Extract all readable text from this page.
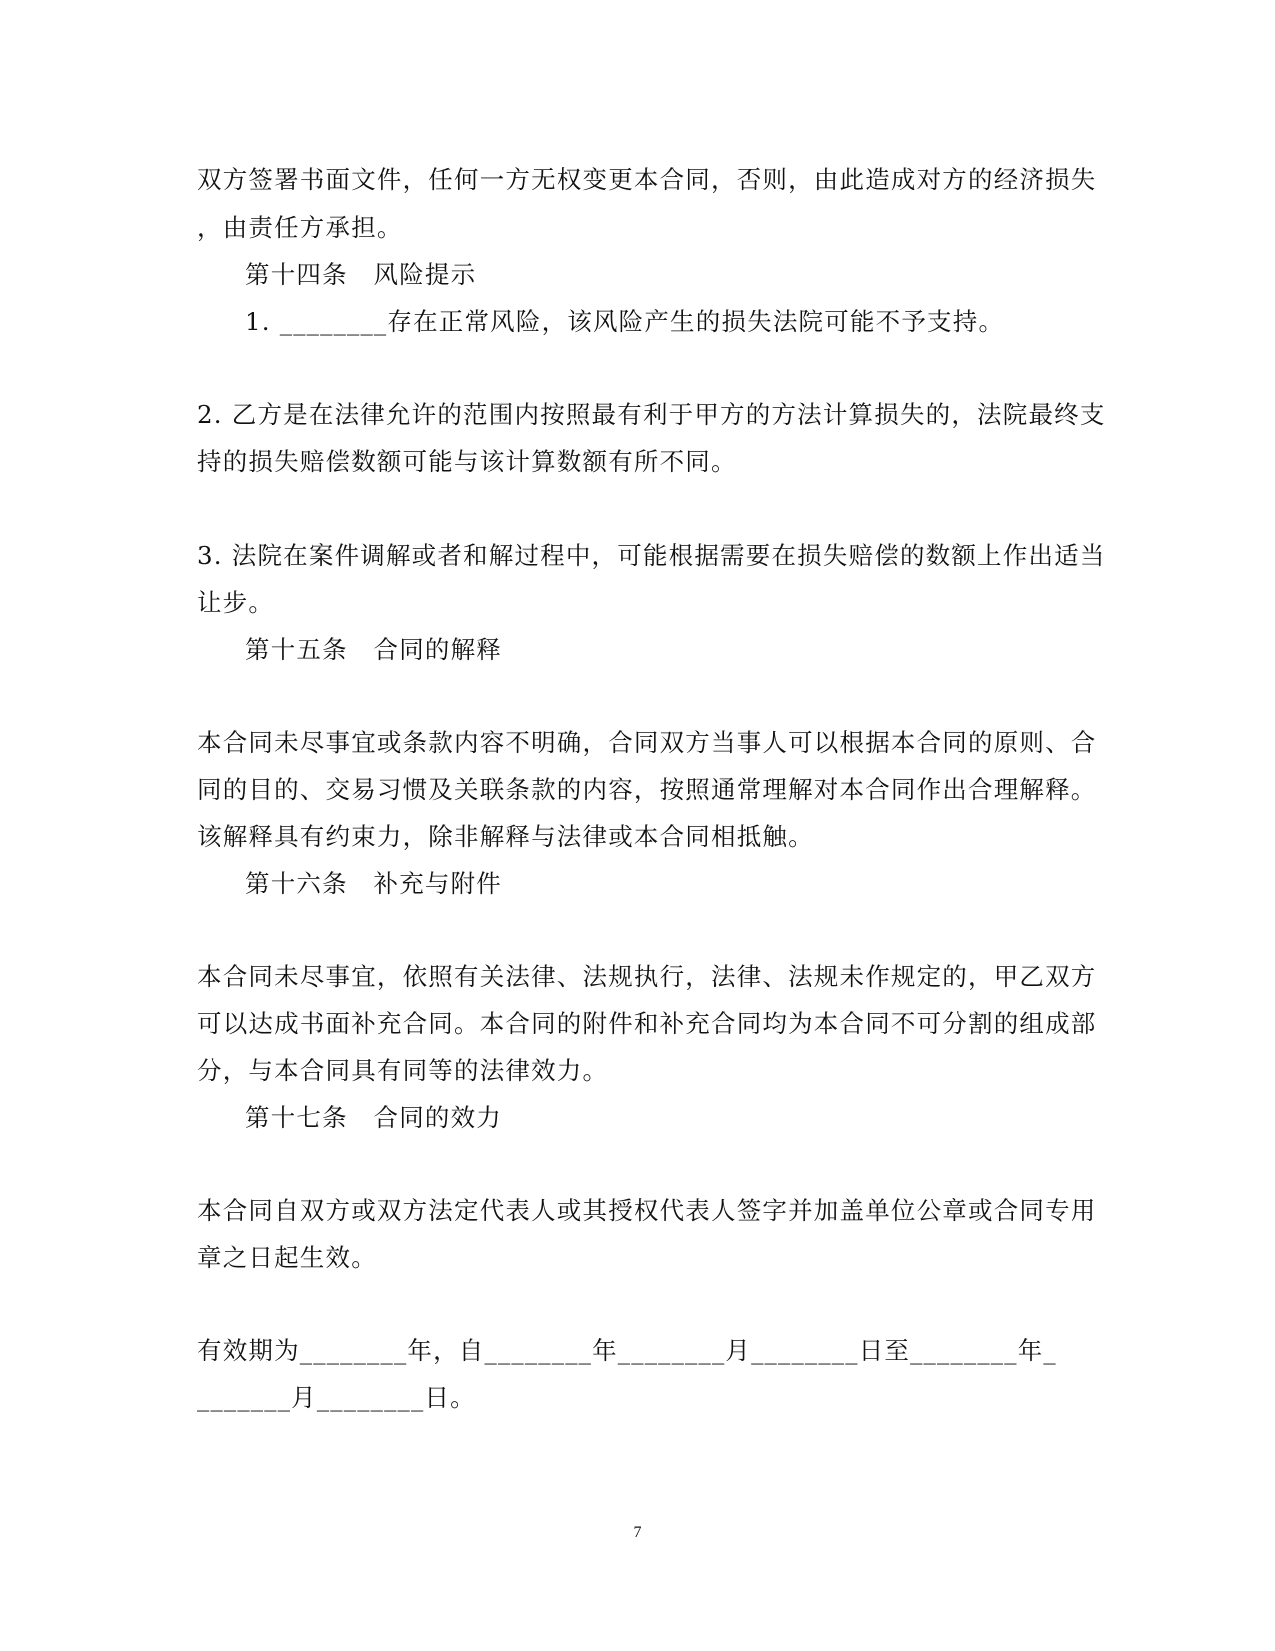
双方签署书面文件，任何一方无权变更本合同，否则，由此造成对方的经济损失
，由责任方承担。
第十四条　风险提示
1. ________存在正常风险，该风险产生的损失法院可能不予支持。
2. 乙方是在法律允许的范围内按照最有利于甲方的方法计算损失的，法院最终支
持的损失赔偿数额可能与该计算数额有所不同。
3. 法院在案件调解或者和解过程中，可能根据需要在损失赔偿的数额上作出适当
让步。
第十五条　合同的解释
本合同未尽事宜或条款内容不明确，合同双方当事人可以根据本合同的原则、合
同的目的、交易习惯及关联条款的内容，按照通常理解对本合同作出合理解释。
该解释具有约束力，除非解释与法律或本合同相抵触。
第十六条　补充与附件
本合同未尽事宜，依照有关法律、法规执行，法律、法规未作规定的，甲乙双方
可以达成书面补充合同。本合同的附件和补充合同均为本合同不可分割的组成部
分，与本合同具有同等的法律效力。
第十七条　合同的效力
本合同自双方或双方法定代表人或其授权代表人签字并加盖单位公章或合同专用
章之日起生效。
有效期为________年，自________年________月________日至________年_
_______月________日。
7
